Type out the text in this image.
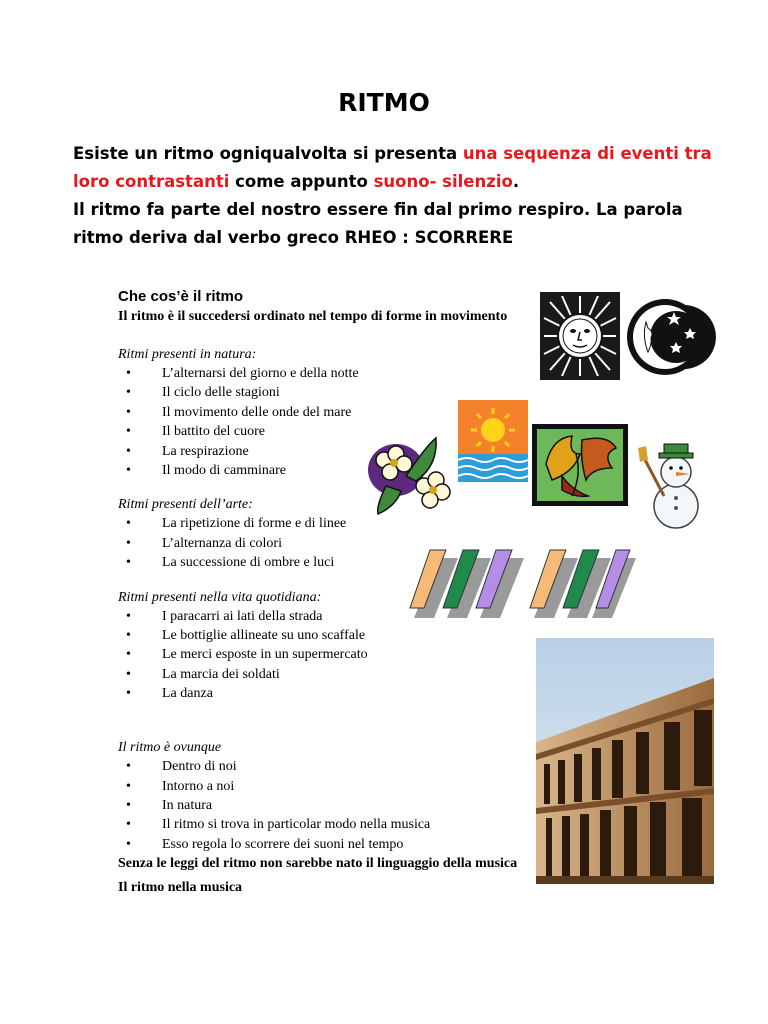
RITMO
Esiste un ritmo ogniqualvolta si presenta una sequenza di eventi tra loro contrastanti come appunto suono- silenzio.
Il ritmo fa parte del nostro essere fin dal primo respiro. La parola ritmo deriva dal verbo greco RHEO : SCORRERE
Che cos’è il ritmo
Il ritmo è il succedersi ordinato nel tempo di forme in movimento
Ritmi presenti in natura:
• L’alternarsi del giorno e della notte
• Il ciclo delle stagioni
• Il movimento delle onde del mare
• Il battito del cuore
• La respirazione
• Il modo di camminare
Ritmi presenti dell’arte:
• La ripetizione di forme e di linee
• L’alternanza di colori
• La successione di ombre e luci
Ritmi presenti nella vita quotidiana:
• I paracarri ai lati della strada
• Le bottiglie allineate su uno scaffale
• Le merci esposte in un supermercato
• La marcia dei soldati
• La danza

Il ritmo è ovunque
• Dentro di noi
• Intorno a noi
• In natura
• Il ritmo si trova in particolar modo nella musica
• Esso regola lo scorrere dei suoni nel tempo
Senza le leggi del ritmo non sarebbe nato il linguaggio della musica
Il ritmo nella musica
